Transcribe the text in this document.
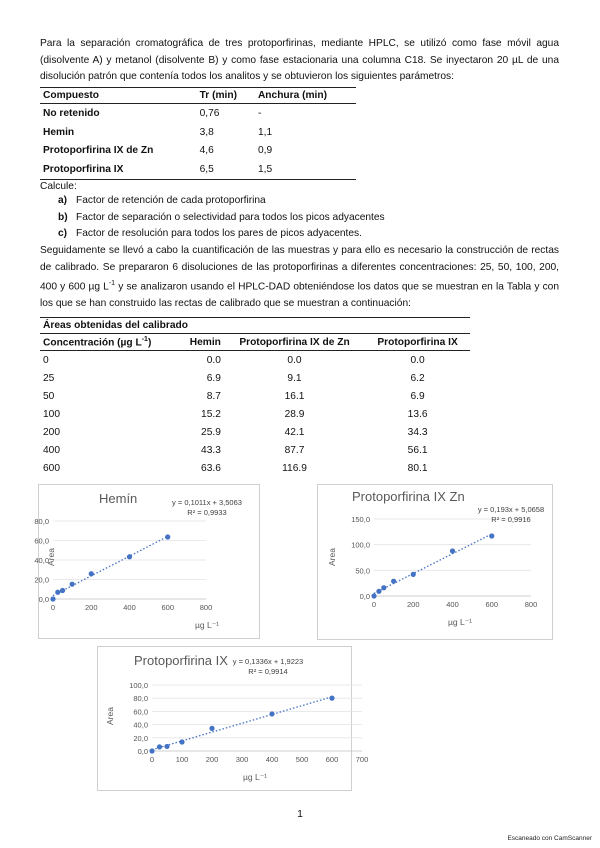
Para la separación cromatográfica de tres protoporfirinas, mediante HPLC, se utilizó como fase móvil agua (disolvente A) y metanol (disolvente B) y como fase estacionaria una columna C18. Se inyectaron 20 µL de una disolución patrón que contenía todos los analitos y se obtuvieron los siguientes parámetros:
Compuesto	Tr (min)	Anchura (min)
No retenido	0,76	-
Hemin	3,8	1,1
Protoporfirina IX de Zn	4,6	0,9
Protoporfirina IX	6,5	1,5
Calcule:
a) Factor de retención de cada protoporfirina
b) Factor de separación o selectividad para todos los picos adyacentes
c) Factor de resolución para todos los pares de picos adyacentes.
Seguidamente se llevó a cabo la cuantificación de las muestras y para ello es necesario la construcción de rectas de calibrado. Se prepararon 6 disoluciones de las protoporfirinas a diferentes concentraciones: 25, 50, 100, 200, 400 y 600 µg $L^{-1}$ y se analizaron usando el HPLC-DAD obteniéndose los datos que se muestran en la Tabla y con los que se han construido las rectas de calibrado que se muestran a continuación:
Áreas obtenidas del calibrado			
Concentración (µg $L^{-1}$)	Hemin	Protoporfirina IX de Zn	Protoporfirina IX
0	0.0	0.0	0.0
25	6.9	9.1	6.2
50	8.7	16.1	6.9
100	15.2	28.9	13.6
200	25.9	42.1	34.3
400	43.3	87.7	56.1
600	63.6	116.9	80.1
0,0
20,0
40,0
60,0
80,0
0	200	400	600	800
Hemín	y = 0,1011x + 3,5063
R² = 0,9933
µg L⁻¹
Area
0,0
50,0
100,0
150,0
0	200	400	600	800
Protoporfirina IX Zn
y = 0,193x + 5,0658
R² = 0,9916
µg L⁻¹
Area
0,0
20,0
40,0
60,0
80,0
100,0
0	100 200 300 400 500 600 700
Protoporfirina IX y = 0,1336x + 1,9223
R² = 0,9914
µg L⁻¹
Area
1
Escaneado con CamScanner
